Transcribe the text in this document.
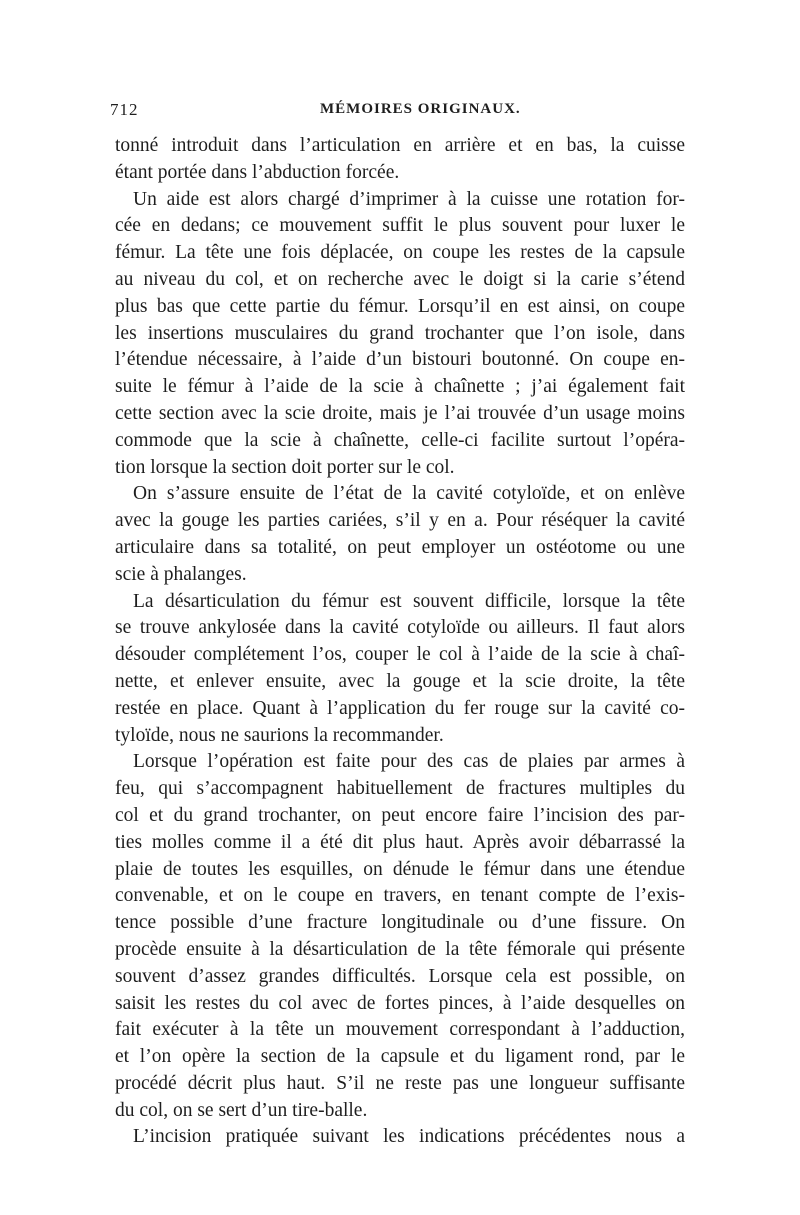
712	MÉMOIRES ORIGINAUX.
tonné introduit dans l’articulation en arrière et en bas, la cuisse
étant portée dans l’abduction forcée.
Un aide est alors chargé d’imprimer à la cuisse une rotation for-
cée en dedans; ce mouvement suffit le plus souvent pour luxer le
fémur. La tête une fois déplacée, on coupe les restes de la capsule
au niveau du col, et on recherche avec le doigt si la carie s’étend
plus bas que cette partie du fémur. Lorsqu’il en est ainsi, on coupe
les insertions musculaires du grand trochanter que l’on isole, dans
l’étendue nécessaire, à l’aide d’un bistouri boutonné. On coupe en-
suite le fémur à l’aide de la scie à chaînette ; j’ai également fait
cette section avec la scie droite, mais je l’ai trouvée d’un usage moins
commode que la scie à chaînette, celle-ci facilite surtout l’opéra-
tion lorsque la section doit porter sur le col.
On s’assure ensuite de l’état de la cavité cotyloïde, et on enlève
avec la gouge les parties cariées, s’il y en a. Pour réséquer la cavité
articulaire dans sa totalité, on peut employer un ostéotome ou une
scie à phalanges.
La désarticulation du fémur est souvent difficile, lorsque la tête
se trouve ankylosée dans la cavité cotyloïde ou ailleurs. Il faut alors
désouder complétement l’os, couper le col à l’aide de la scie à chaî-
nette, et enlever ensuite, avec la gouge et la scie droite, la tête
restée en place. Quant à l’application du fer rouge sur la cavité co-
tyloïde, nous ne saurions la recommander.
Lorsque l’opération est faite pour des cas de plaies par armes à
feu, qui s’accompagnent habituellement de fractures multiples du
col et du grand trochanter, on peut encore faire l’incision des par-
ties molles comme il a été dit plus haut. Après avoir débarrassé la
plaie de toutes les esquilles, on dénude le fémur dans une étendue
convenable, et on le coupe en travers, en tenant compte de l’exis-
tence possible d’une fracture longitudinale ou d’une fissure. On
procède ensuite à la désarticulation de la tête fémorale qui présente
souvent d’assez grandes difficultés. Lorsque cela est possible, on
saisit les restes du col avec de fortes pinces, à l’aide desquelles on
fait exécuter à la tête un mouvement correspondant à l’adduction,
et l’on opère la section de la capsule et du ligament rond, par le
procédé décrit plus haut. S’il ne reste pas une longueur suffisante
du col, on se sert d’un tire-balle.
L’incision pratiquée suivant les indications précédentes nous a
